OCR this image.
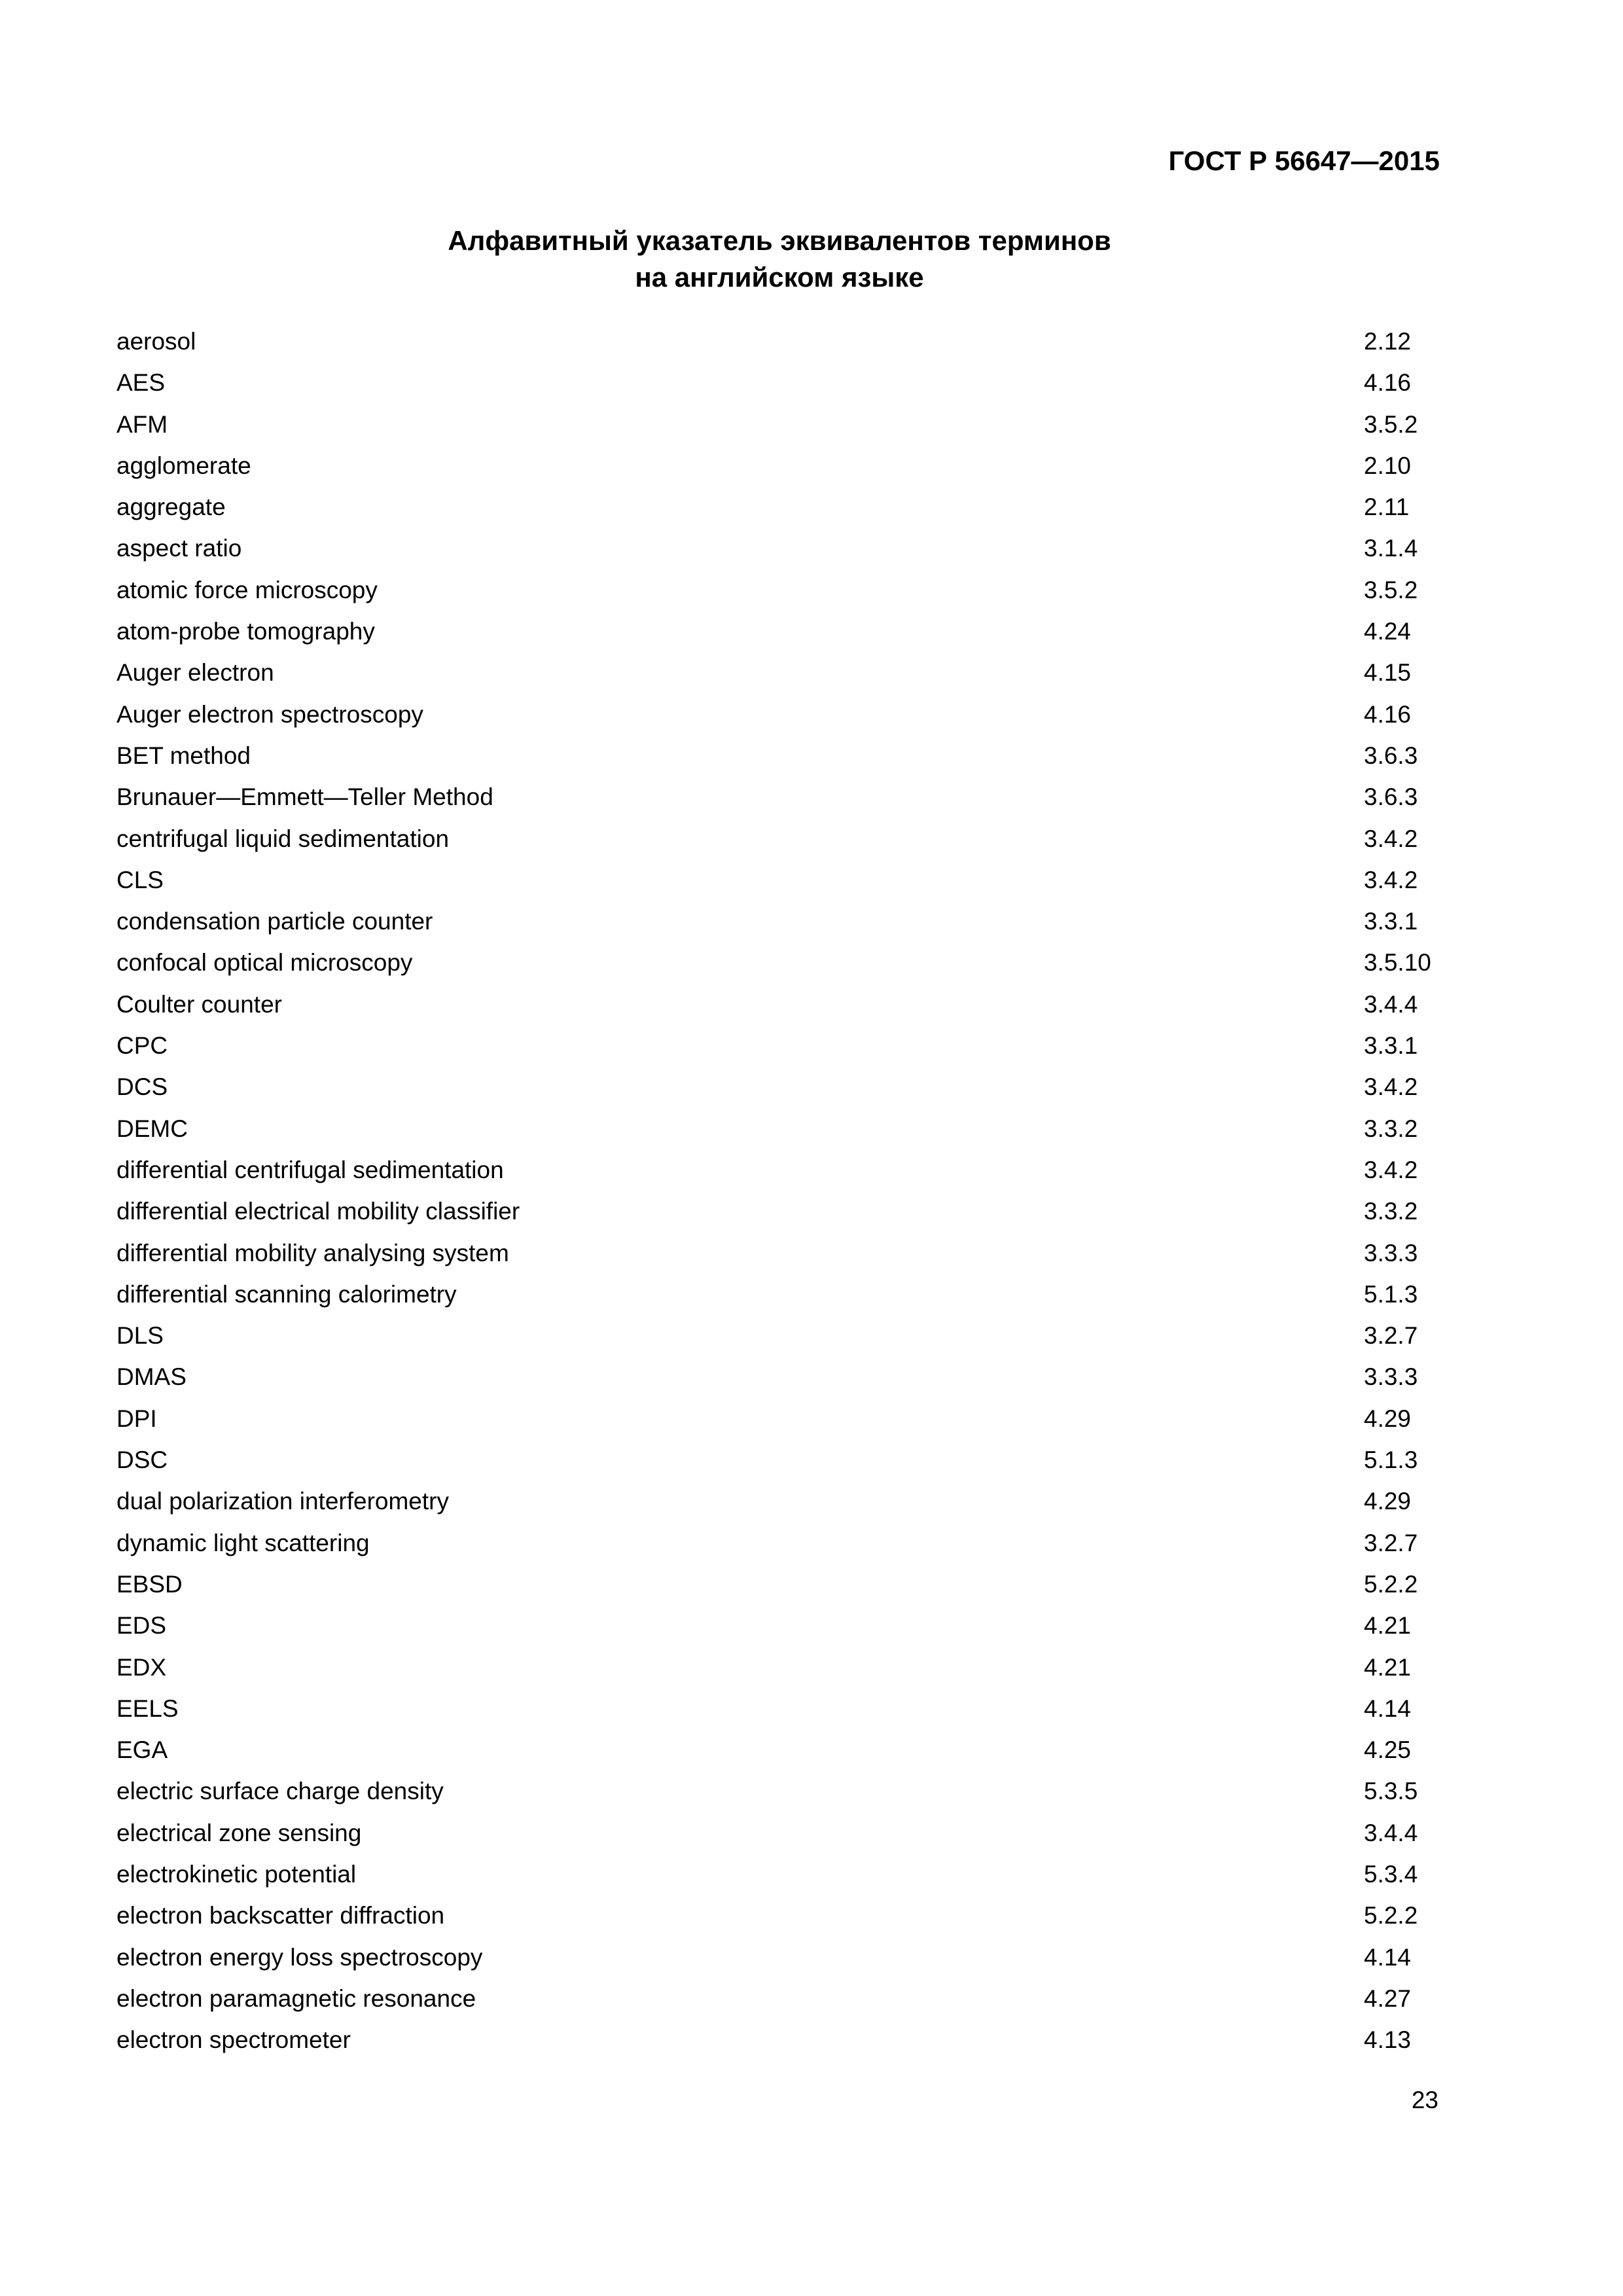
ГОСТ Р 56647—2015
Алфавитный указатель эквивалентов терминов
на английском языке
aerosol	2.12
AES	4.16
AFM	3.5.2
agglomerate	2.10
aggregate	2.11
aspect ratio	3.1.4
atomic force microscopy	3.5.2
atom-probe tomography	4.24
Auger electron	4.15
Auger electron spectroscopy	4.16
BET method	3.6.3
Brunauer—Emmett—Teller Method	3.6.3
centrifugal liquid sedimentation	3.4.2
CLS	3.4.2
condensation particle counter	3.3.1
confocal optical microscopy	3.5.10
Coulter counter	3.4.4
CPC	3.3.1
DCS	3.4.2
DEMC	3.3.2
differential centrifugal sedimentation	3.4.2
differential electrical mobility classifier	3.3.2
differential mobility analysing system	3.3.3
differential scanning calorimetry	5.1.3
DLS	3.2.7
DMAS	3.3.3
DPI	4.29
DSC	5.1.3
dual polarization interferometry	4.29
dynamic light scattering	3.2.7
EBSD	5.2.2
EDS	4.21
EDX	4.21
EELS	4.14
EGA	4.25
electric surface charge density	5.3.5
electrical zone sensing	3.4.4
electrokinetic potential	5.3.4
electron backscatter diffraction	5.2.2
electron energy loss spectroscopy	4.14
electron paramagnetic resonance	4.27
electron spectrometer	4.13
23
